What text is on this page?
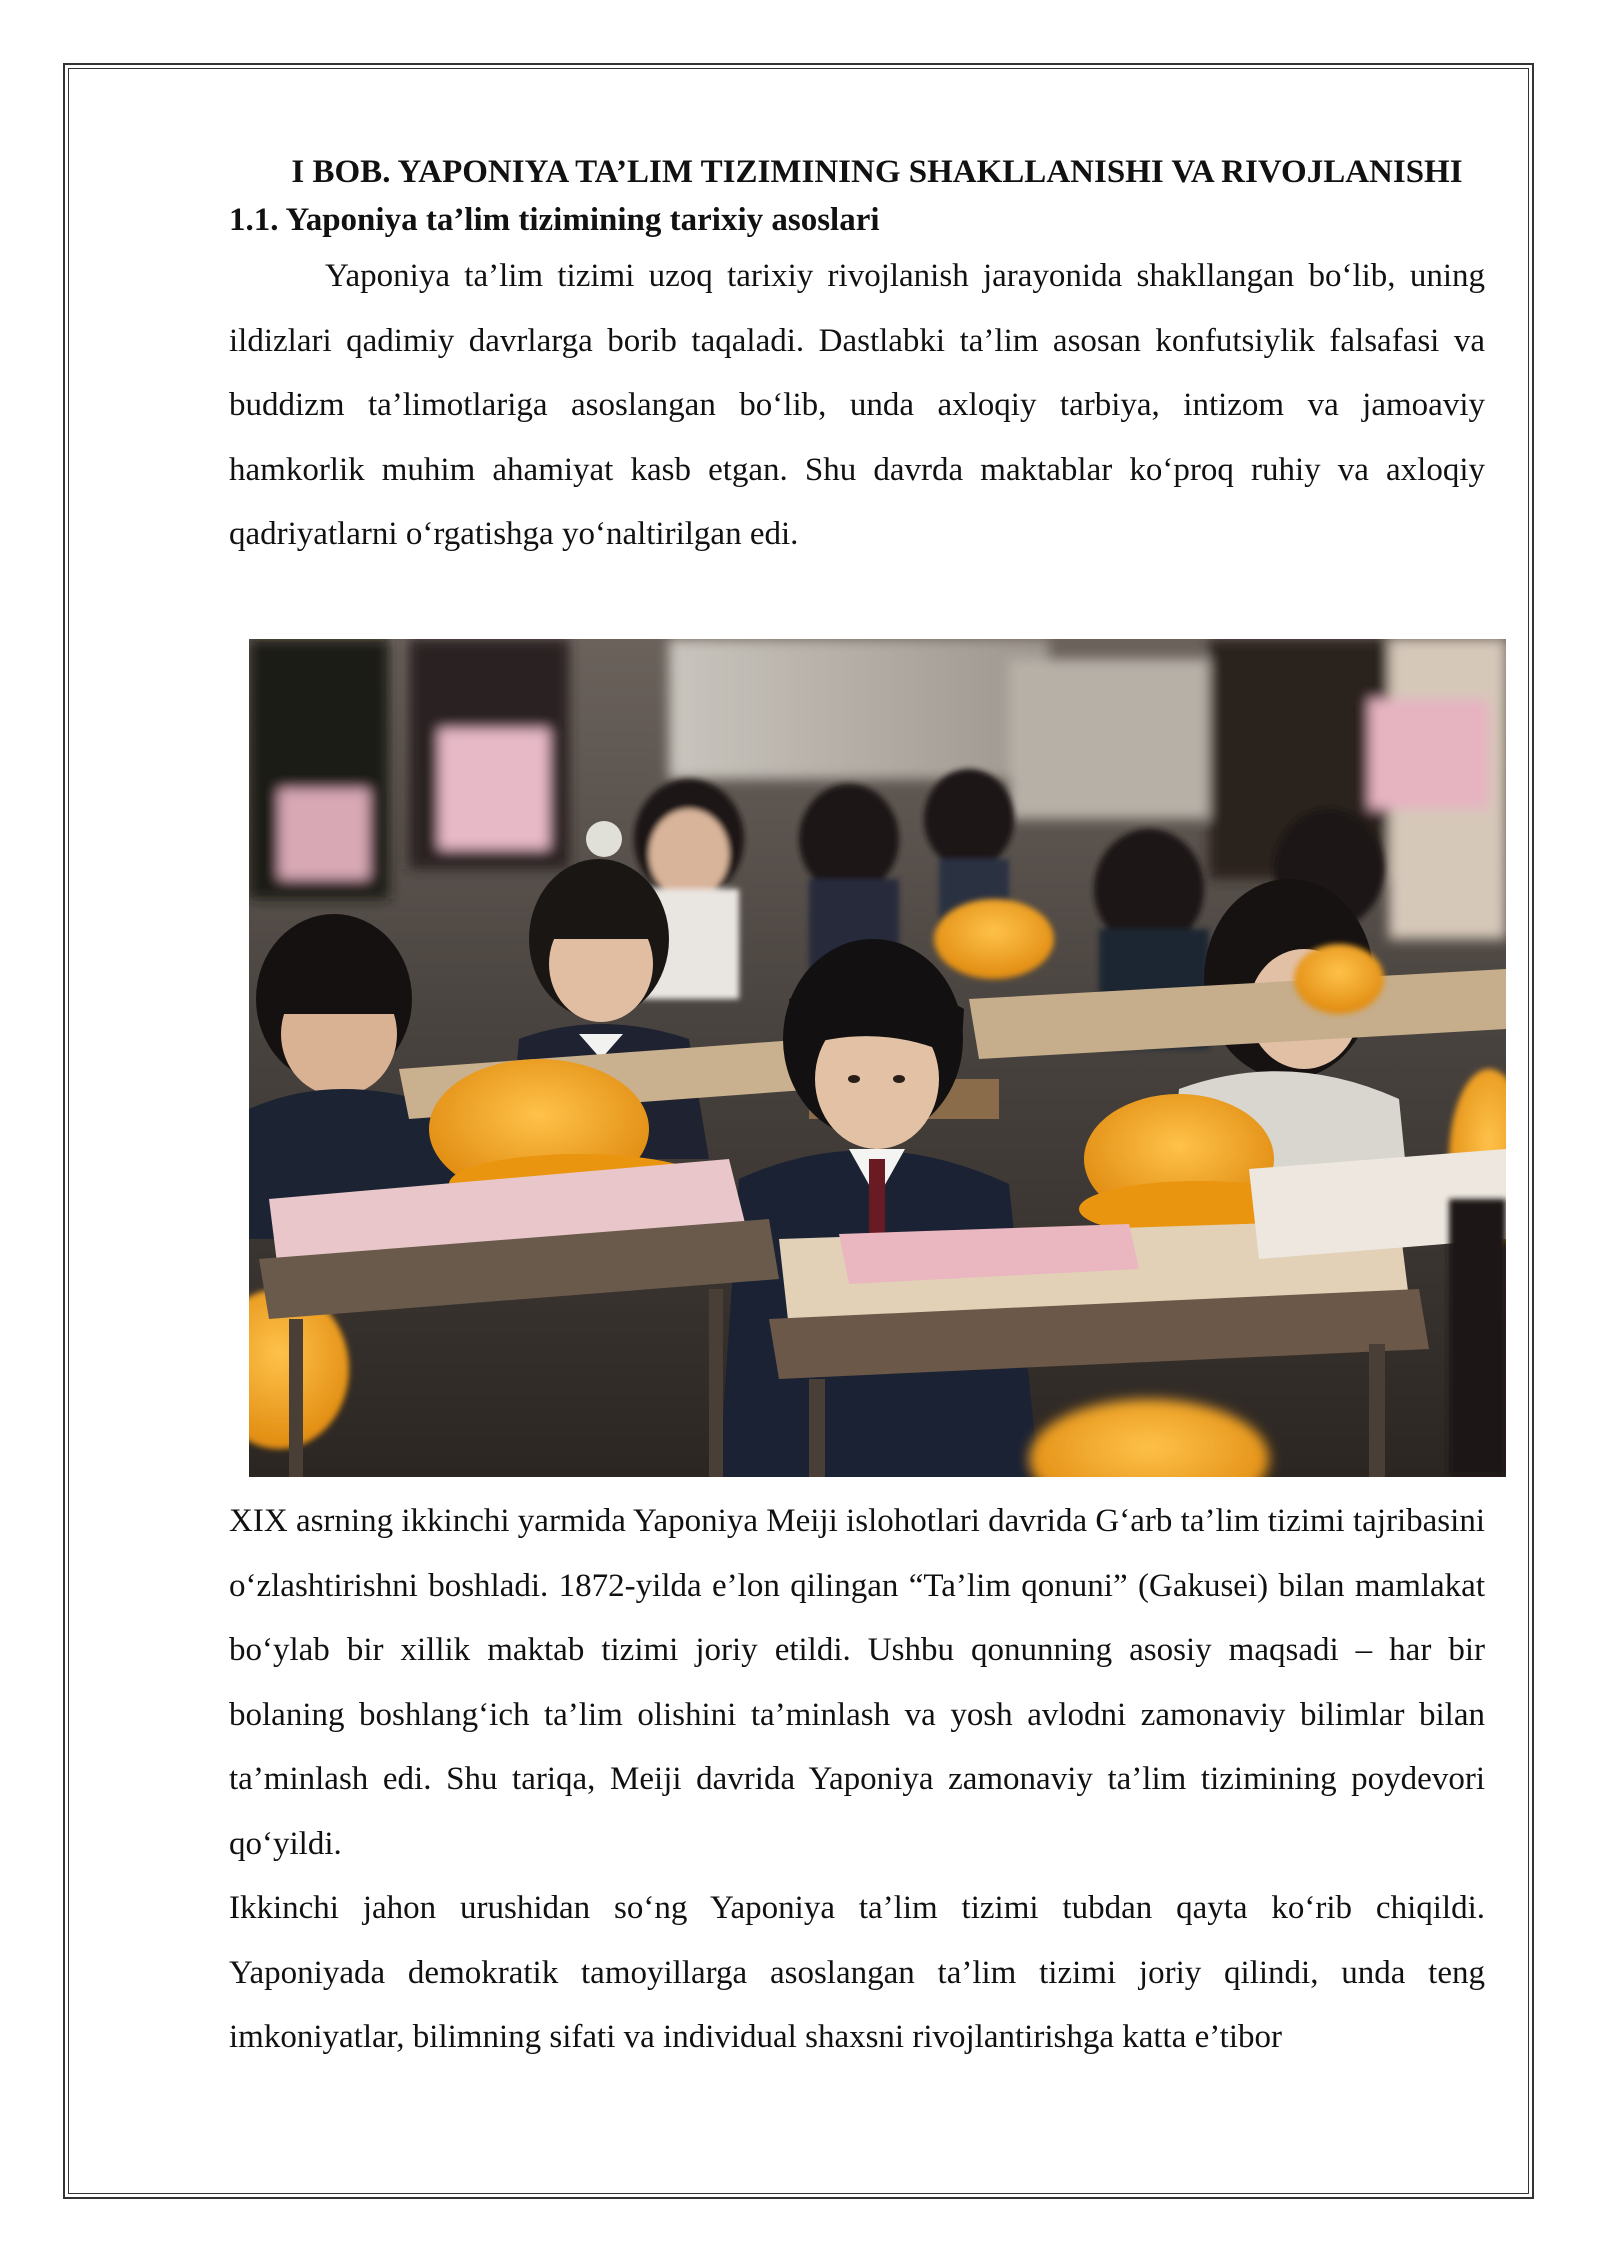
I BOB. YAPONIYA TA’LIM TIZIMINING SHAKLLANISHI VA RIVOJLANISHI
1.1. Yaponiya ta’lim tizimining tarixiy asoslari

Yaponiya ta’lim tizimi uzoq tarixiy rivojlanish jarayonida shakllangan bo‘lib, uning ildizlari qadimiy davrlarga borib taqaladi. Dastlabki ta’lim asosan konfutsiylik falsafasi va buddizm ta’limotlariga asoslangan bo‘lib, unda axloqiy tarbiya, intizom va jamoaviy hamkorlik muhim ahamiyat kasb etgan. Shu davrda maktablar ko‘proq ruhiy va axloqiy qadriyatlarni o‘rgatishga yo‘naltirilgan edi.

XIX asrning ikkinchi yarmida Yaponiya Meiji islohotlari davrida G‘arb ta’lim tizimi tajribasini o‘zlashtirishni boshladi. 1872-yilda e’lon qilingan “Ta’lim qonuni” (Gakusei) bilan mamlakat bo‘ylab bir xillik maktab tizimi joriy etildi. Ushbu qonunning asosiy maqsadi – har bir bolaning boshlang‘ich ta’lim olishini ta’minlash va yosh avlodni zamonaviy bilimlar bilan ta’minlash edi. Shu tariqa, Meiji davrida Yaponiya zamonaviy ta’lim tizimining poydevori qo‘yildi.

Ikkinchi jahon urushidan so‘ng Yaponiya ta’lim tizimi tubdan qayta ko‘rib chiqildi. Yaponiyada demokratik tamoyillarga asoslangan ta’lim tizimi joriy qilindi, unda teng imkoniyatlar, bilimning sifati va individual shaxsni rivojlantirishga katta e’tibor
